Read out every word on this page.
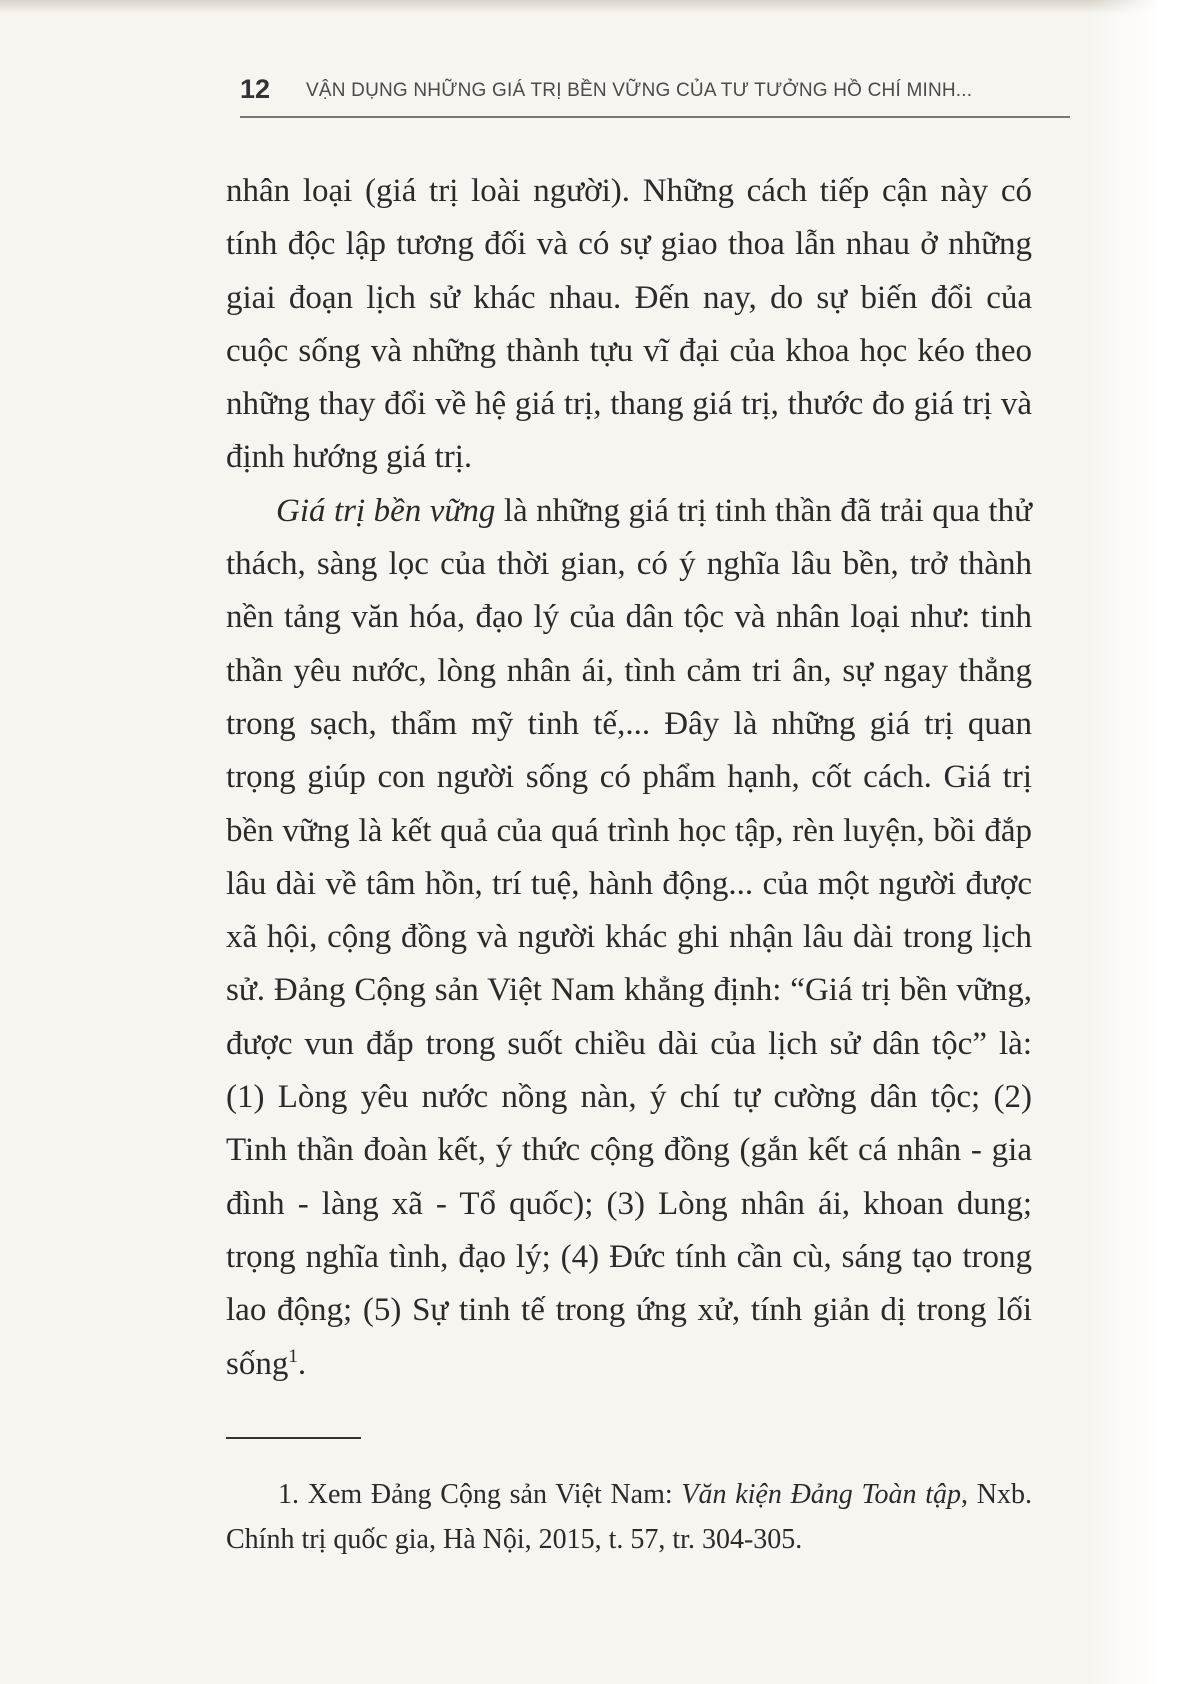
12 VẬN DỤNG NHỮNG GIÁ TRỊ BỀN VỮNG CỦA TƯ TƯỞNG HỒ CHÍ MINH...

nhân loại (giá trị loài người). Những cách tiếp cận này có tính độc lập tương đối và có sự giao thoa lẫn nhau ở những giai đoạn lịch sử khác nhau. Đến nay, do sự biến đổi của cuộc sống và những thành tựu vĩ đại của khoa học kéo theo những thay đổi về hệ giá trị, thang giá trị, thước đo giá trị và định hướng giá trị.

Giá trị bền vững là những giá trị tinh thần đã trải qua thử thách, sàng lọc của thời gian, có ý nghĩa lâu bền, trở thành nền tảng văn hóa, đạo lý của dân tộc và nhân loại như: tinh thần yêu nước, lòng nhân ái, tình cảm tri ân, sự ngay thẳng trong sạch, thẩm mỹ tinh tế,... Đây là những giá trị quan trọng giúp con người sống có phẩm hạnh, cốt cách. Giá trị bền vững là kết quả của quá trình học tập, rèn luyện, bồi đắp lâu dài về tâm hồn, trí tuệ, hành động... của một người được xã hội, cộng đồng và người khác ghi nhận lâu dài trong lịch sử. Đảng Cộng sản Việt Nam khẳng định: “Giá trị bền vững, được vun đắp trong suốt chiều dài của lịch sử dân tộc” là: (1) Lòng yêu nước nồng nàn, ý chí tự cường dân tộc; (2) Tinh thần đoàn kết, ý thức cộng đồng (gắn kết cá nhân - gia đình - làng xã - Tổ quốc); (3) Lòng nhân ái, khoan dung; trọng nghĩa tình, đạo lý; (4) Đức tính cần cù, sáng tạo trong lao động; (5) Sự tinh tế trong ứng xử, tính giản dị trong lối sống$^1$.

1. Xem Đảng Cộng sản Việt Nam: Văn kiện Đảng Toàn tập, Nxb. Chính trị quốc gia, Hà Nội, 2015, t. 57, tr. 304-305.
